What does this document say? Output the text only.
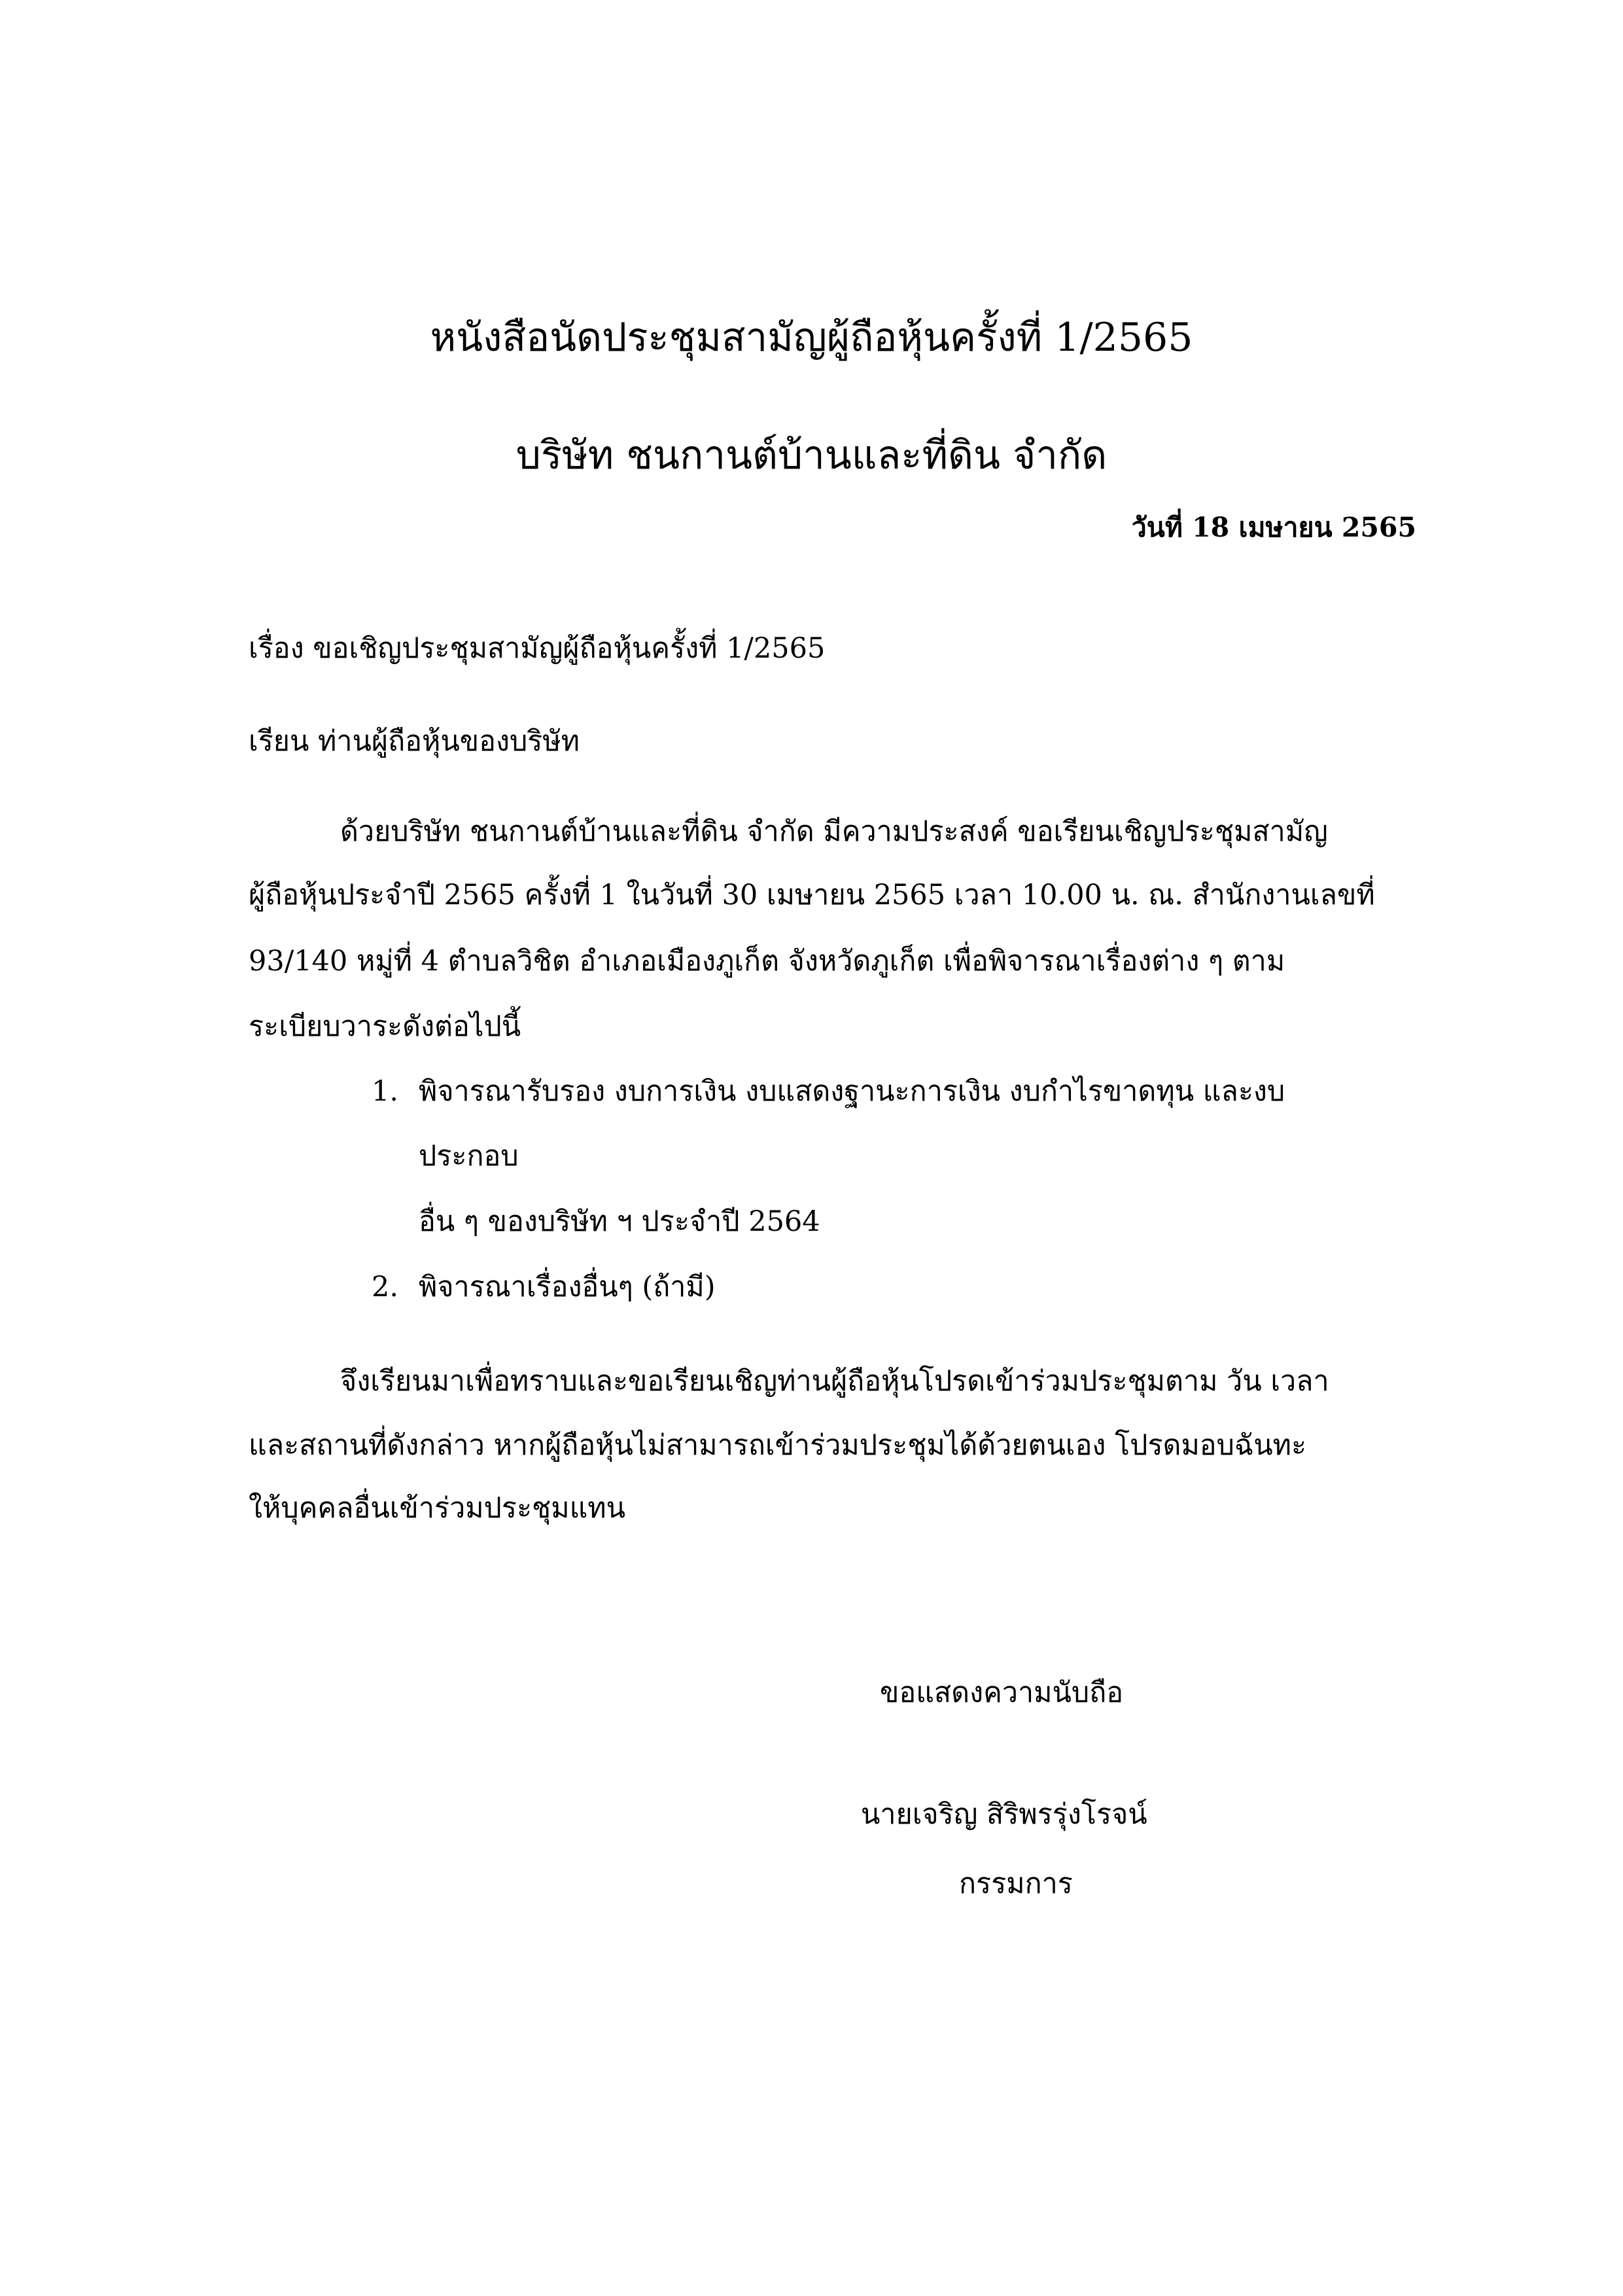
หนังสือนัดประชุมสามัญผู้ถือหุ้นครั้งที่ 1/2565
บริษัท ชนกานต์บ้านและที่ดิน จำกัด
วันที่ 18 เมษายน 2565
เรื่อง ขอเชิญประชุมสามัญผู้ถือหุ้นครั้งที่ 1/2565
เรียน ท่านผู้ถือหุ้นของบริษัท
ด้วยบริษัท ชนกานต์บ้านและที่ดิน จำกัด มีความประสงค์ ขอเรียนเชิญประชุมสามัญ
ผู้ถือหุ้นประจำปี 2565 ครั้งที่ 1 ในวันที่ 30 เมษายน 2565 เวลา 10.00 น. ณ. สำนักงานเลขที่
93/140 หมู่ที่ 4 ตำบลวิชิต อำเภอเมืองภูเก็ต จังหวัดภูเก็ต เพื่อพิจารณาเรื่องต่าง ๆ ตาม
ระเบียบวาระดังต่อไปนี้
1. พิจารณารับรอง งบการเงิน งบแสดงฐานะการเงิน งบกำไรขาดทุน และงบ
ประกอบ
อื่น ๆ ของบริษัท ฯ ประจำปี 2564
2. พิจารณาเรื่องอื่นๆ (ถ้ามี)
จึงเรียนมาเพื่อทราบและขอเรียนเชิญท่านผู้ถือหุ้นโปรดเข้าร่วมประชุมตาม วัน เวลา
และสถานที่ดังกล่าว หากผู้ถือหุ้นไม่สามารถเข้าร่วมประชุมได้ด้วยตนเอง โปรดมอบฉันทะ
ให้บุคคลอื่นเข้าร่วมประชุมแทน
ขอแสดงความนับถือ
นายเจริญ สิริพรรุ่งโรจน์
กรรมการ
